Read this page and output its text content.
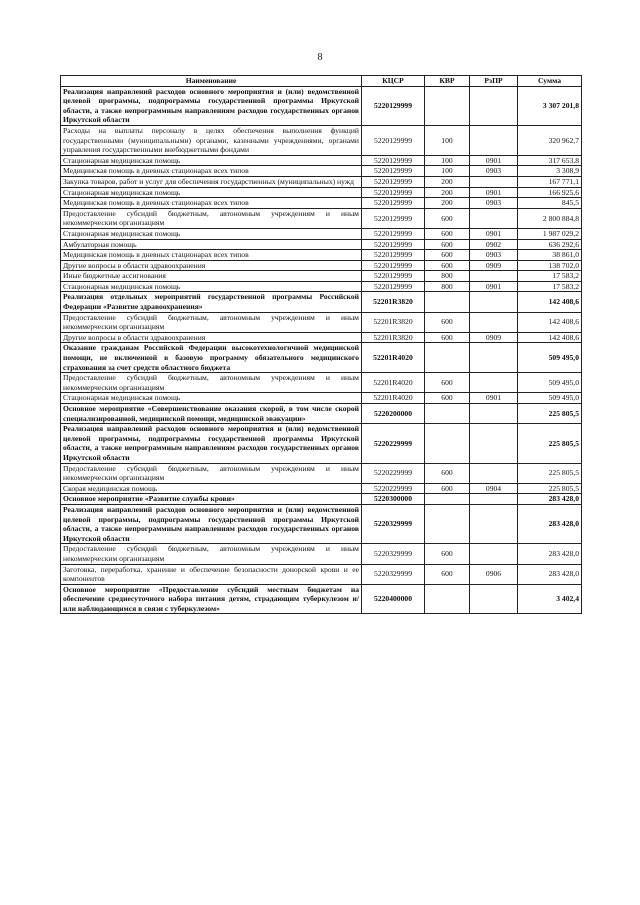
8
Наименование	КЦСР	КВР	РзПР	Сумма
Реализация направлений расходов основного мероприятия и (или) ведомственной целевой программы, подпрограммы государственной программы Иркутской области, а также непрограммным направлениям расходов государственных органов Иркутской области	5220129999			3 307 201,8
Расходы на выплаты персоналу в целях обеспечения выполнения функций государственными (муниципальными) органами, казенными учреждениями, органами управления государственными внебюджетными фондами	5220129999	100		320 962,7
Стационарная медицинская помощь	5220129999	100	0901	317 653,8
Медицинская помощь в дневных стационарах всех типов	5220129999	100	0903	3 308,9
Закупка товаров, работ и услуг для обеспечения государственных (муниципальных) нужд	5220129999	200		167 771,1
Стационарная медицинская помощь	5220129999	200	0901	166 925,6
Медицинская помощь в дневных стационарах всех типов	5220129999	200	0903	845,5
Предоставление субсидий бюджетным, автономным учреждениям и иным некоммерческим организациям	5220129999	600		2 800 884,8
Стационарная медицинская помощь	5220129999	600	0901	1 987 029,2
Амбулаторная помощь	5220129999	600	0902	636 292,6
Медицинская помощь в дневных стационарах всех типов	5220129999	600	0903	38 861,0
Другие вопросы в области здравоохранения	5220129999	600	0909	138 702,0
Иные бюджетные ассигнования	5220129999	800		17 583,2
Стационарная медицинская помощь	5220129999	800	0901	17 583,2
Реализация отдельных мероприятий государственной программы Российской Федерации «Развитие здравоохранения»	52201R3820			142 408,6
Предоставление субсидий бюджетным, автономным учреждениям и иным некоммерческим организациям	52201R3820	600		142 408,6
Другие вопросы в области здравоохранения	52201R3820	600	0909	142 408,6
Оказание гражданам Российской Федерации высокотехнологичной медицинской помощи, не включенной в базовую программу обязательного медицинского страхования за счет средств областного бюджета	52201R4020			509 495,0
Предоставление субсидий бюджетным, автономным учреждениям и иным некоммерческим организациям	52201R4020	600		509 495,0
Стационарная медицинская помощь	52201R4020	600	0901	509 495,0
Основное мероприятие «Совершенствование оказания скорой, в том числе скорой специализированной, медицинской помощи, медицинской эвакуации»	5220200000			225 805,5
Реализация направлений расходов основного мероприятия и (или) ведомственной целевой программы, подпрограммы государственной программы Иркутской области, а также непрограммным направлениям расходов государственных органов Иркутской области	5220229999			225 805,5
Предоставление субсидий бюджетным, автономным учреждениям и иным некоммерческим организациям	5220229999	600		225 805,5
Скорая медицинская помощь	5220229999	600	0904	225 805,5
Основное мероприятие «Развитие службы крови»	5220300000			283 428,0
Реализация направлений расходов основного мероприятия и (или) ведомственной целевой программы, подпрограммы государственной программы Иркутской области, а также непрограммным направлениям расходов государственных органов Иркутской области	5220329999			283 428,0
Предоставление субсидий бюджетным, автономным учреждениям и иным некоммерческим организациям	5220329999	600		283 428,0
Заготовка, переработка, хранение и обеспечение безопасности донорской крови и ее компонентов	5220329999	600	0906	283 428,0
Основное мероприятие «Предоставление субсидий местным бюджетам на обеспечение среднесуточного набора питания детям, страдающим туберкулезом и/или наблюдающимся в связи с туберкулезом»	5220400000			3 402,4
